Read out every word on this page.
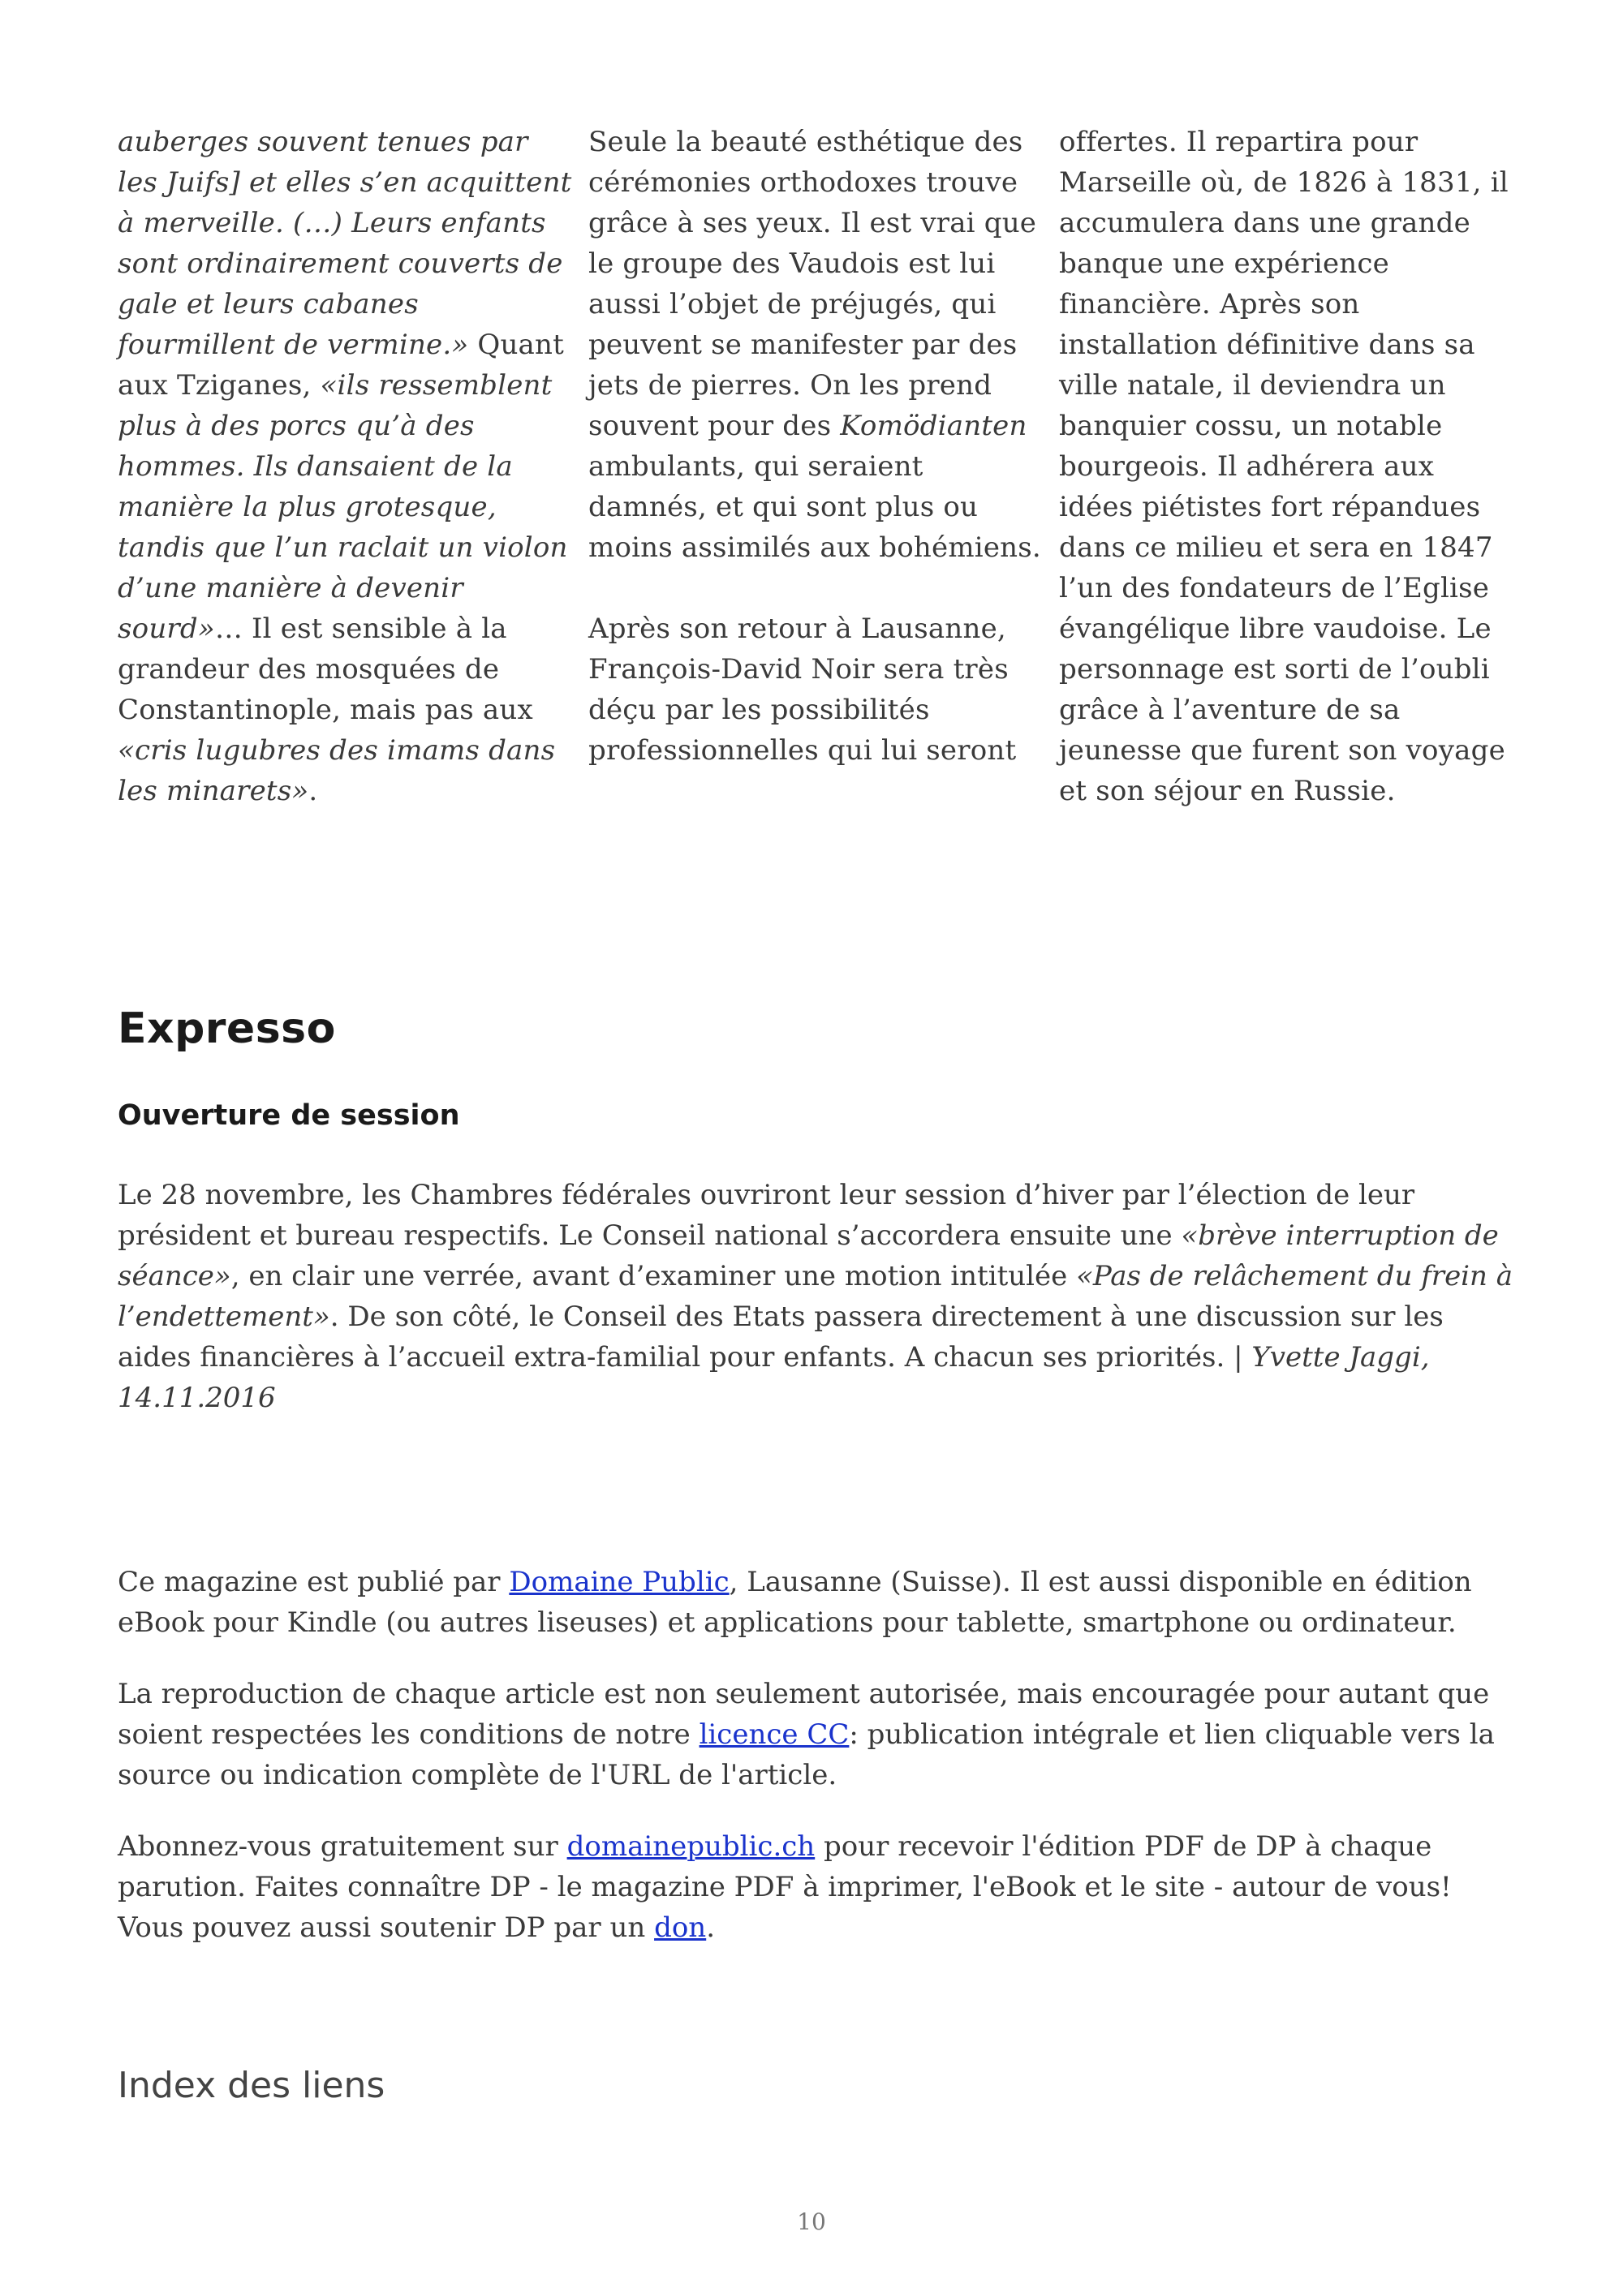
auberges souvent tenues par les Juifs] et elles s’en acquittent à merveille. (…) Leurs enfants sont ordinairement couverts de gale et leurs cabanes fourmillent de vermine.» Quant aux Tziganes, «ils ressemblent plus à des porcs qu’à des hommes. Ils dansaient de la manière la plus grotesque, tandis que l’un raclait un violon d’une manière à devenir sourd»… Il est sensible à la grandeur des mosquées de Constantinople, mais pas aux «cris lugubres des imams dans les minarets».

Seule la beauté esthétique des cérémonies orthodoxes trouve grâce à ses yeux. Il est vrai que le groupe des Vaudois est lui aussi l’objet de préjugés, qui peuvent se manifester par des jets de pierres. On les prend souvent pour des Komödianten ambulants, qui seraient damnés, et qui sont plus ou moins assimilés aux bohémiens.

Après son retour à Lausanne, François-David Noir sera très déçu par les possibilités professionnelles qui lui seront

offertes. Il repartira pour Marseille où, de 1826 à 1831, il accumulera dans une grande banque une expérience financière. Après son installation définitive dans sa ville natale, il deviendra un banquier cossu, un notable bourgeois. Il adhérera aux idées piétistes fort répandues dans ce milieu et sera en 1847 l’un des fondateurs de l’Eglise évangélique libre vaudoise. Le personnage est sorti de l’oubli grâce à l’aventure de sa jeunesse que furent son voyage et son séjour en Russie.

Expresso
Ouverture de session

Le 28 novembre, les Chambres fédérales ouvriront leur session d’hiver par l’élection de leur président et bureau respectifs. Le Conseil national s’accordera ensuite une «brève interruption de séance», en clair une verrée, avant d’examiner une motion intitulée «Pas de relâchement du frein à l’endettement». De son côté, le Conseil des Etats passera directement à une discussion sur les aides financières à l’accueil extra-familial pour enfants. A chacun ses priorités. | Yvette Jaggi, 14.11.2016

Ce magazine est publié par Domaine Public, Lausanne (Suisse). Il est aussi disponible en édition eBook pour Kindle (ou autres liseuses) et applications pour tablette, smartphone ou ordinateur.

La reproduction de chaque article est non seulement autorisée, mais encouragée pour autant que soient respectées les conditions de notre licence CC: publication intégrale et lien cliquable vers la source ou indication complète de l'URL de l'article.

Abonnez-vous gratuitement sur domainepublic.ch pour recevoir l'édition PDF de DP à chaque parution. Faites connaître DP - le magazine PDF à imprimer, l'eBook et le site - autour de vous! Vous pouvez aussi soutenir DP par un don.

Index des liens
10
